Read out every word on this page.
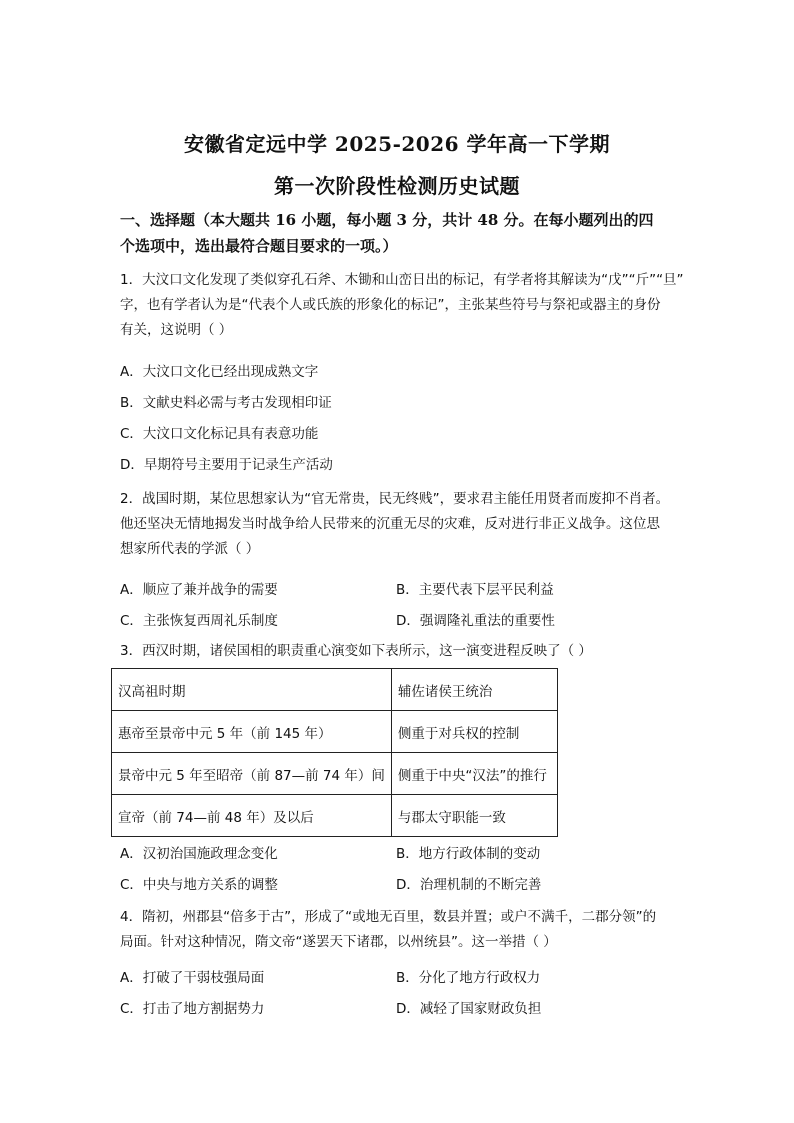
安徽省定远中学 2025-2026 学年高一下学期
第一次阶段性检测历史试题
一、选择题（本大题共 16 小题，每小题 3 分，共计 48 分。在每小题列出的四
个选项中，选出最符合题目要求的一项。）
1．大汶口文化发现了类似穿孔石斧、木锄和山峦日出的标记，有学者将其解读为“戊”“斤”“旦”
字，也有学者认为是“代表个人或氏族的形象化的标记”，主张某些符号与祭祀或器主的身份
有关，这说明（ ）
A．大汶口文化已经出现成熟文字
B．文献史料必需与考古发现相印证
C．大汶口文化标记具有表意功能
D．早期符号主要用于记录生产活动
2．战国时期，某位思想家认为“官无常贵，民无终贱”，要求君主能任用贤者而废抑不肖者。
他还坚决无情地揭发当时战争给人民带来的沉重无尽的灾难，反对进行非正义战争。这位思
想家所代表的学派（ ）
A．顺应了兼并战争的需要	B．主要代表下层平民利益
C．主张恢复西周礼乐制度	D．强调隆礼重法的重要性
3．西汉时期，诸侯国相的职责重心演变如下表所示，这一演变进程反映了（ ）
汉高祖时期	辅佐诸侯王统治
惠帝至景帝中元 5 年（前 145 年）	侧重于对兵权的控制
景帝中元 5 年至昭帝（前 87—前 74 年）间	侧重于中央“汉法”的推行
宣帝（前 74—前 48 年）及以后	与郡太守职能一致
A．汉初治国施政理念变化	B．地方行政体制的变动
C．中央与地方关系的调整	D．治理机制的不断完善
4．隋初，州郡县“倍多于古”，形成了“或地无百里，数县并置；或户不满千，二郡分领”的
局面。针对这种情况，隋文帝“遂罢天下诸郡，以州统县”。这一举措（ ）
A．打破了干弱枝强局面	B．分化了地方行政权力
C．打击了地方割据势力	D．减轻了国家财政负担
